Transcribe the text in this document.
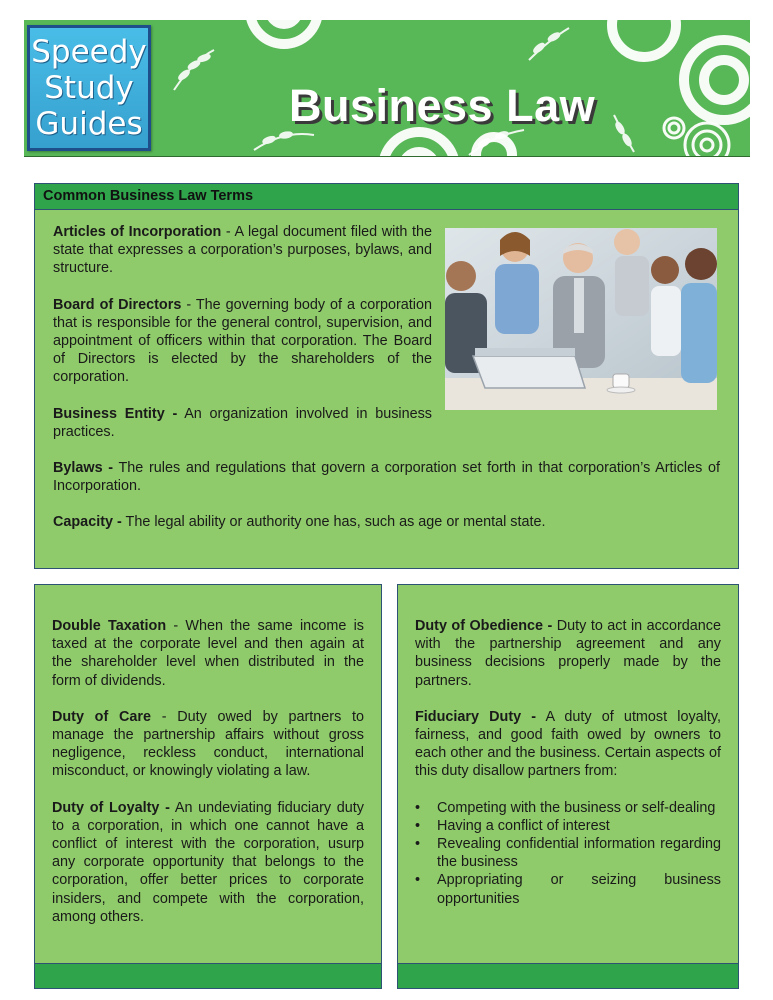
Business Law
Speedy
Study
Guides
Common Business Law Terms

Articles of Incorporation - A legal document filed with the state that expresses a corporation’s purposes, bylaws, and structure.

Board of Directors - The governing body of a corporation that is responsible for the general control, supervision, and appointment of officers within that corporation. The Board of Directors is elected by the shareholders of the corporation.

Business Entity - An organization involved in business practices.

Bylaws - The rules and regulations that govern a corporation set forth in that corporation’s Articles of Incorporation.

Capacity - The legal ability or authority one has, such as age or mental state.

Double Taxation - When the same income is taxed at the corporate level and then again at the shareholder level when distributed in the form of dividends.

Duty of Care - Duty owed by partners to manage the partnership affairs without gross negligence, reckless conduct, international misconduct, or knowingly violating a law.

Duty of Loyalty - An undeviating fiduciary duty to a corporation, in which one cannot have a conflict of interest with the corporation, usurp any corporate opportunity that belongs to the corporation, offer better prices to corporate insiders, and compete with the corporation, among others.

Duty of Obedience - Duty to act in accordance with the partnership agreement and any business decisions properly made by the partners.

Fiduciary Duty - A duty of utmost loyalty, fairness, and good faith owed by owners to each other and the business. Certain aspects of this duty disallow partners from:

• Competing with the business or self-dealing
• Having a conflict of interest
• Revealing confidential information regarding the business
• Appropriating or seizing business opportunities
